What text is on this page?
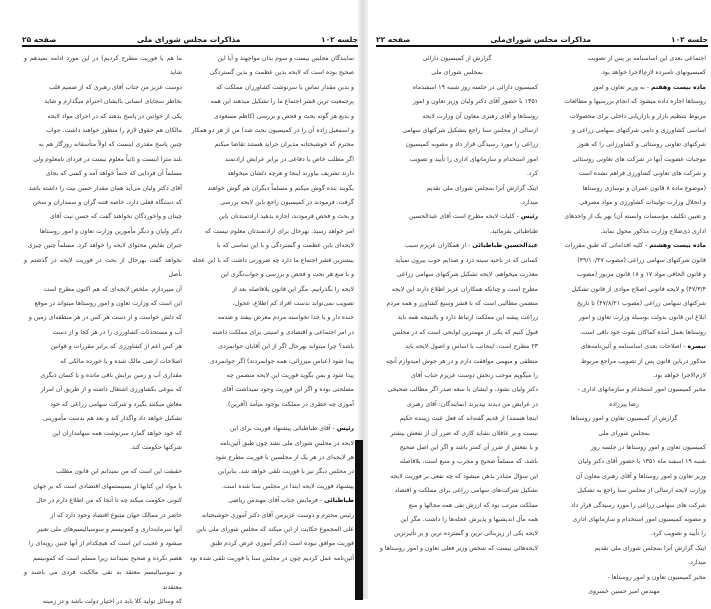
جلسه ۱۰۲
مذاکرات مجلس شورای ملی
صفحه ۲۵

نمایندگان مجلس بیست و سوم بدان مواجهند و آیا این

صحیح بوده است که لایحه بدین عظمت و بدین گستردگی

و بدین مقدار تماس با سرنوشت کشاورزان مملکت که

پرجمعیت ترین قشر اجتماع ما را تشکیل میدهند این همه

و بدیع هر گونه بحث و فحص و بررسی (کاظم مسعودی

و اسمعیل زاده آن را در کمیسیون بحث شد) من از هر دو همکار

محترم که خوشبختانه مدیران جراید هستند تقاضا میکنم

اگر مطلب خاص یا دفاعی در برابر عرایض ارادتمند

دارند تشریف بیاورند اینجا و هرچه دلشان میخواهد

بگویند بنده گوش میکنم و مسلماً دیگران هم گوش خواهند

گرفت. فرمودند در کمیسیون راجع باین لایحه بررسی

و بحث و فحص فرمودند، اجازه بدهید ارادتمندتان باین

امر خواهد رسید. بهرحال برای ارادتمندتان معلوم نیست که

لایحه‌ای باین عظمت و گستردگی و با این تماسی که با

بیشترین قشر اجتماع ما دارد چه ضرورتی داشت که با این عجله

و با منع هر بحث و فحص و بررسی و جواب‌نگری این

لایحه را بگذرانیم. مگر این قانون بلافاصله بعد از

تصویب نمی‌تواند بدست افراد کم اطلاع، عجول،

خنده دار و یا خدا نخواسته مردم مغرض بیفتد و صدمه

در امر اجتماعی و اقتصادی و امنیتی برای مملکت داشته

باشد؟ چرا میتواند بهرحال اگر از این آقایان جوانمردی

پیدا شود (عباس میرزائی: همه جوانمردند) اگر جوانمردی

پیدا شود و بمن بگوید فوریت این لایحه متضمن چه

مصلحتی بوده و اگر این فوریت وجود نمیداشت آقای

آموزی چه خطری در مملکت بوجود میآمد (آفرین).

رئیس - آقای طباطبائی پیشنهاد فوریت برای این

لایحه در مجلس شورای ملی نشد چون طبق آئین‌نامه

هر لایحه‌ای در هر یک از مجلسین با فوریت مطرح شود

در مجلس دیگر نیز با فوریت تلقی خواهد شد. بنابراین

پیشنهاد فوریت لایحه ابتدا در مجلس سنا شده است.

طباطبائی - فرمایش جناب آقای مهندس ریاضی

رئیس محترم و دوست عزیزمن آقای دکتر آموزی خوشبختانه

علی المجموع حکایت از این میکند که مجلس شورای ملی باین

فوریت موافق نبوده است (دکتر آموزی عرض کردم طبق

آئین‌نامه عمل کردیم چون در مجلس سنا با فوریت تلقی شده بود

ما هم با فوریت مطرح کردیم) در این مورد ادامه نمیدهم و شاید

دوست عزیز من جناب آقای رهبری که از صمیم قلب

بخاطر سجایای انسانی باایشان احترام میگذارم و شاید

یکی از خوانین در پاسخ بدهند که در اجرای مواد لایحه

مالکان هم حقوق لازم را منظور خواهند داشت. جواب

چنین پاسخ مقدری اینست که اولاً متأسفانه روزگار هم به

بلند مترا اینست و ثانیاً معلوم نیست در فردای نامعلوم ولی

مسلماً آن فردایی که حتماً خواهد آمد و کسی که بجای

آقای دکتر ولیان می‌آید همان مقدار حسن نیت را داشته باشد

که دستگاه فعلی دارد، خاصه فتنه گران و سمداران و سخن

چینان و واخوردگان نخواهند گفت که حسن نیت آقای

دکتر ولیان و دیگر مأمورین وزارت تعاون و امور روستاها

جبران نقایص محتوای لایحه را خواهد کرد. مسلماً چنین چیزی

نخواهد گفت بهرحال از بحث در فوریت لایحه در گذشتم و بأصل

آن میپردازم. ملخص لایحه‌ای که هم اکنون مطرح است

این است که وزارت تعاون و امور روستاها میتواند در موقع

که دلش خواست و از دست هر کس در هر منطقه‌ای زمین و

آب و مستحدثات کشاورزی را در هر کجا و از دست

هر کس اعم از کشاورزی که برابر مقررات و قوانین

اصلاحات ارضی مالک شده و یا خورده مالکی که

مقداری آب و زمین برایش باقی مانده و یا کسان دیگری

که بنوعی بکشاورزی اشتغال داشته و از طریق آن امرار

معاش میکنند بگیرد و شرکت سهامی زراعی که خود

تشکیل خواهد داد واگذار کند و بعد هم بدست مأمورینی

که خود خواهد گمارد سرنوشت همه سهامداران این

شرکتها حکومت کند.

حقیقت این است که من نمیدانم این قانون مطلب

با مواد این کتابها از بسیستمهای اقتصادی است که بر جهان

کنونی حکومت میکند چه تا آنجا که من اطلاع دارم در حال

حاضر در ممالک جهان متنوع اقتصاد وجود دارد که از

آنها سرمایه‌داری و کمونیسم و سوسیالیسم‌های ملی تعبیر

میشود و عجیب این است که هیچکدام از آنها چنین رویه‌ای را

هضم نکرده و صحیح نمیدانند زیرا مسلم است که کمونیسم

و سوسیالیسم معتقد به نفی مالکیت فردی می باشند و معتقدند

که وسائل تولید کلا باید در اختیار دولت باشد و در زمینه

جلسه ۱۰۲
مذاکرات مجلس شورای‌ملی
صفحه ۲۲

اجتماعی بعدی این اساسنامه بر پس از تصویب

کمیسیونهای نامبرده لازم‌الاجرا خواهد بود.

ماده بیست وهفتم - به وزیر تعاون و امور

روستاها اجازه داده میشود که انجام بررسیها و مطالعات

مربوط بتنظیم بازار و بازاریابی داخلی برای محصولات

اساسی کشاورزی و دامی شرکتهای سهامی زراعی و

شرکتهای تعاونی روستائی و کشاورزانی را که هنوز

موجبات عضویت آنها در شرکت های تعاونی روستائی

و شرکت های تعاونی کشاورزی فراهم نشده است

(موضوع ماده ۸ قانون عمران و نوسازی روستاها

و انحلال وزارت تولیدات کشاورزی و مواد مصرفی

و تعیین تکلیف مؤسسات وابسته آن) بهر یک از واحدهای

اداری ذی‌صلاح وزارت مذکور محول نماید.

ماده بیست وهشتم - کلیه اقداماتی که طبق مقررات

قانون شرکتهای سهامی زراعی (مصوب ۴۹/۱۰/۲۷)

و قانون الحاقی مواد ۱۷ و ۱۸ قانون مزبور (مصوب

۴۷/۳/۴) و لایحه قانونی اصلاح موادی از قانون تشکیل

شرکتهای سهامی زراعی (مصوب ۴۷/۸/۲۱) تا تاریخ

ابلاغ این قانون بدولت بوسیله وزارت تعاون و امور

روستاها بعمل آمده کماکان بقوت خود باقی است.

تبصره - اصلاحات بعدی اساسنامه و آئین‌نامه‌های

مذکور درباین قانون پس از تصویب مراجع مربوط

لازم‌الاجرا خواهد بود.

مخبر کمیسیون امور استخدام و سازمانهای اداری -

رضا پیرزاده

گزارش از کمیسیون تعاون و امور روستاها

بمجلس شورای ملی

کمیسیون تعاون و امور روستاها در جلسه روز

شنبه ۱۹ اسفند ماه ۱۳۵۱ با حضور آقای دکتر ولیان

وزیر تعاون و امور روستاها و آقای رهبری معاون آن

وزارت لایحه ارسالی از مجلس سنا راجع به تشکیل

شرکت های سهامی زراعی را مورد رسیدگی قرار داد

و مصوبه کمیسیون امور استخدام و سازمانهای اداری

را تأیید و تصویب کرد.

اینک گزارش آنرا بمجلس شورای ملی تقدیم

میدارد.

مخبر کمیسیون تعاون و امور روستاها -

مهندس امیر حسین خسروی

گزارش از کمیسیون دارائی

بمجلس شورای ملی

کمیسیون دارائی در جلسه روز شنبه ۱۹ اسفندماه

۱۳۵۱ با حضور آقای دکتر ولیان وزیر تعاون و امور

روستاها و آقای رهبری معاون آن وزارت لایحه

ارسالی از مجلس سنا راجع بتشکیل شرکتهای سهامی

زراعی را مورد رسیدگی قرار داد و مصوبه کمیسیون

امور استخدام و سازمانهای اداری را تأیید و تصویب

کرد.

اینک گزارش آنرا بمجلس شورای ملی تقدیم

میدارد.

رئیس - کلیات لایحه مطرح است آقای عبدالحسین

طباطبائی بفرمائید.

عبدالحسین طباطبائی - از همکاران عزیزم سبب

کسانی که در ناحیه سینه درد و صدایم خوب بیرون نمیآید

معذرت میخواهم. لایحه تشکیل شرکتهای سهامی زراعی

مطرح است و چنانکه همکاران عزیز اطلاع دارند این لایحه

متضمن مطالبی است که با قشر وسیع کشاورز و همه مردم

زراعت پیشه این مملکت ارتباط دارد و بالنتیجه همه باید

قبول کنیم که یکی از مهمترین لوایحی است که در مجلس

۲۳ مطرح است. اینجانب با اساس و اصول لایحه باید

منطقی و مبهمی موافقت دارم و در هر جوش امیدوارم آنچه

را میگویم موجب رنجش دوست عزیزم جناب آقای

دکتر ولیان نشود، و ایشان با سعه صدر اگر مطالب صحیحی

در عرایض من دیدند بپذیرند (نمایندگان: آقای رهبری

اینجا هستند) از قدیم گفته‌اند که فعل عبث زیبنده حکیم

نیست و بر عاقلان نشاید کاری که ضرر آن از نفعش بیشتر

و یا نفعش از ضرر آن کمتر باشد و اگر این اصل صحیح

باشد، که مسلماً صحیح و مجرب و متبع است، بلافاصله

این سؤال متبادر بذهن میشود که چه نفعی بر فوریت لایحه

تشکیل شرکت‌های سهامی زراعی برای مملکت و اقتصاد

مملکت مترتب بود که ارزش نفی همه مجالها و منع

همه مآل اندیشیها و پذیرش عجله‌ها را داشت. مگر این

لایحه یکی از زیربنائی ترین و گسترده ترین و پر تأثیرترین

لایحه‌هائی نیست که شخص وزیر فعلی تعاون و امور روستاها و
